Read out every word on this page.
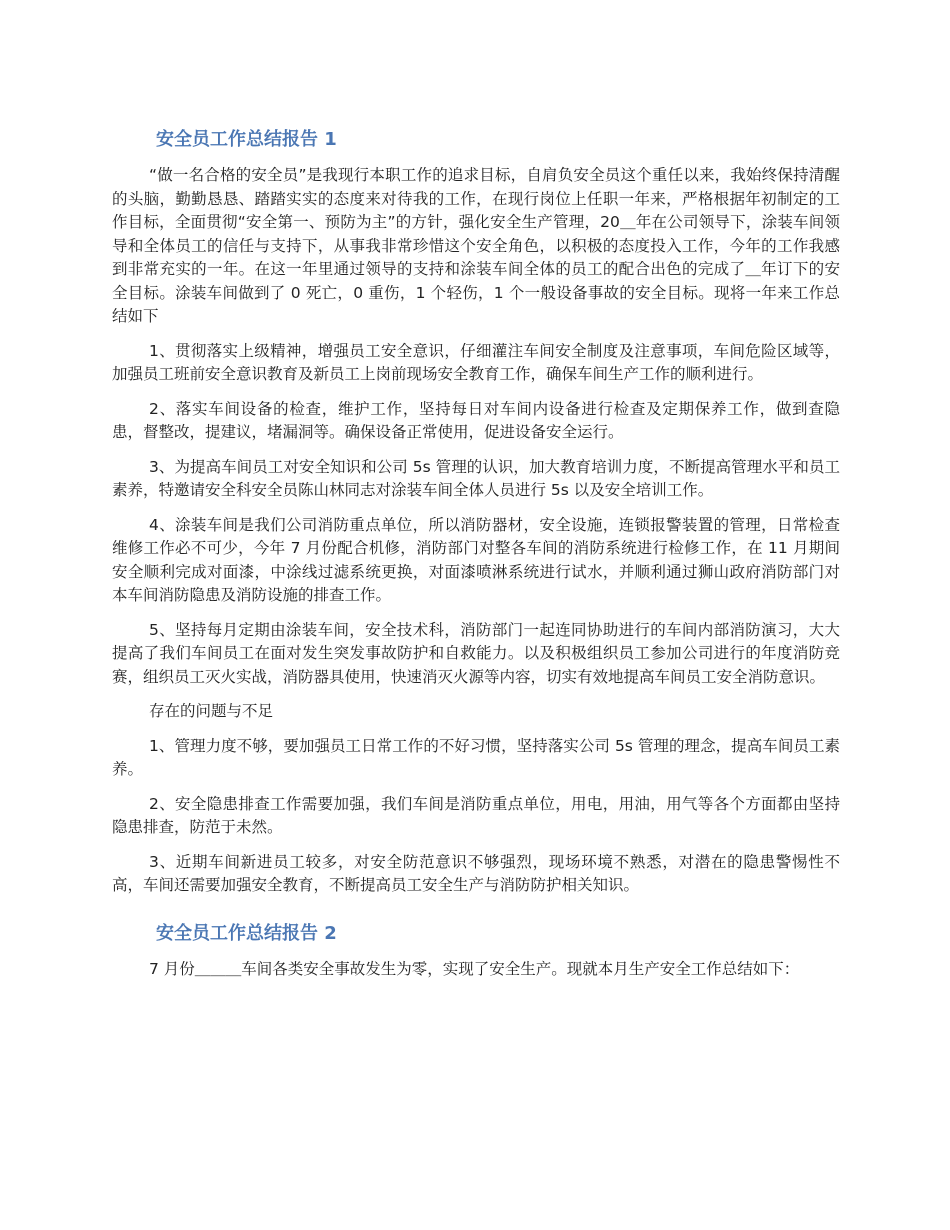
安全员工作总结报告 1

“做一名合格的安全员”是我现行本职工作的追求目标，自肩负安全员这个重任以来，我始终保持清醒的头脑，勤勤恳恳、踏踏实实的态度来对待我的工作，在现行岗位上任职一年来，严格根据年初制定的工作目标，全面贯彻“安全第一、预防为主”的方针，强化安全生产管理，20＿年在公司领导下，涂装车间领导和全体员工的信任与支持下，从事我非常珍惜这个安全角色，以积极的态度投入工作，今年的工作我感到非常充实的一年。在这一年里通过领导的支持和涂装车间全体的员工的配合出色的完成了＿年订下的安全目标。涂装车间做到了 0 死亡，0 重伤，1 个轻伤，1 个一般设备事故的安全目标。现将一年来工作总结如下

1、贯彻落实上级精神，增强员工安全意识，仔细灌注车间安全制度及注意事项，车间危险区域等，加强员工班前安全意识教育及新员工上岗前现场安全教育工作，确保车间生产工作的顺利进行。

2、落实车间设备的检查，维护工作，坚持每日对车间内设备进行检查及定期保养工作，做到查隐患，督整改，提建议，堵漏洞等。确保设备正常使用，促进设备安全运行。

3、为提高车间员工对安全知识和公司 5s 管理的认识，加大教育培训力度，不断提高管理水平和员工素养，特邀请安全科安全员陈山林同志对涂装车间全体人员进行 5s 以及安全培训工作。

4、涂装车间是我们公司消防重点单位，所以消防器材，安全设施，连锁报警装置的管理，日常检查维修工作必不可少，今年 7 月份配合机修，消防部门对整各车间的消防系统进行检修工作，在 11 月期间安全顺利完成对面漆，中涂线过滤系统更换，对面漆喷淋系统进行试水，并顺利通过狮山政府消防部门对本车间消防隐患及消防设施的排查工作。

5、坚持每月定期由涂装车间，安全技术科，消防部门一起连同协助进行的车间内部消防演习，大大提高了我们车间员工在面对发生突发事故防护和自救能力。以及积极组织员工参加公司进行的年度消防竞赛，组织员工灭火实战，消防器具使用，快速消灭火源等内容，切实有效地提高车间员工安全消防意识。

存在的问题与不足

1、管理力度不够，要加强员工日常工作的不好习惯，坚持落实公司 5s 管理的理念，提高车间员工素养。

2、安全隐患排查工作需要加强，我们车间是消防重点单位，用电，用油，用气等各个方面都由坚持隐患排查，防范于未然。

3、近期车间新进员工较多，对安全防范意识不够强烈，现场环境不熟悉，对潜在的隐患警惕性不高，车间还需要加强安全教育，不断提高员工安全生产与消防防护相关知识。

安全员工作总结报告 2

7 月份＿＿＿车间各类安全事故发生为零，实现了安全生产。现就本月生产安全工作总结如下：
